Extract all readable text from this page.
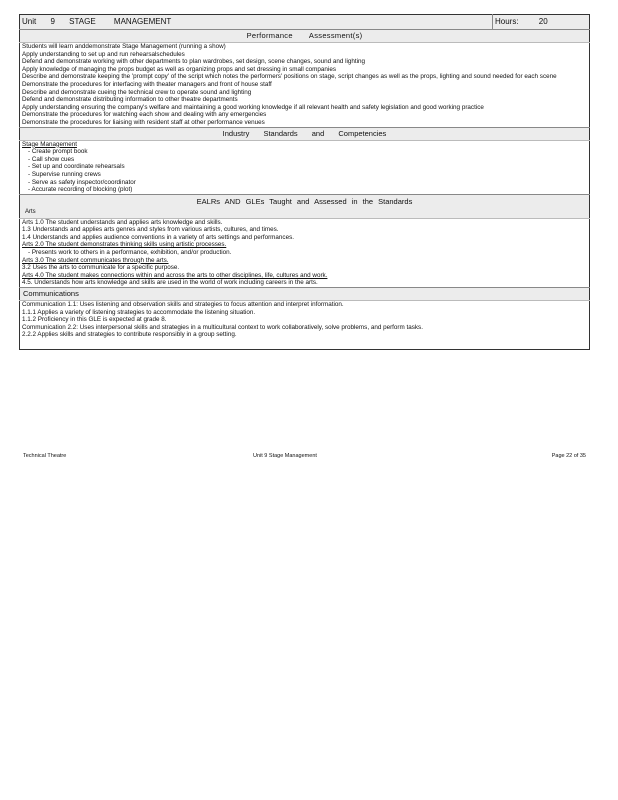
Unit 9 STAGE MANAGEMENT	Hours:	20
Performance Assessment(s)

Students will learn anddemonstrate Stage Management (running a show)
Apply understanding to set up and run rehearsalschedules
Defend and demonstrate working with other departments to plan wardrobes, set design, scene changes, sound and lighting
Apply knowledge of managing the props budget as well as organizing props and set dressing in small companies
Describe and demonstrate keeping the 'prompt copy' of the script which notes the performers' positions on stage, script changes as well as the props, lighting and sound needed for each scene
Demonstrate the procedures for interfacing with theater managers and front of house staff
Describe and demonstrate cueing the technical crew to operate sound and lighting
Defend and demonstrate distributing information to other theatre departments
Apply understanding ensuring the company's welfare and maintaining a good working knowledge if all relevant health and safety legislation and good working practice
Demonstrate the procedures for watching each show and dealing with any emergencies
Demonstrate the procedures for liaising with resident staff at other performance venues

Industry Standards and Competencies

Stage Management
- Create prompt book
- Call show cues
- Set up and coordinate rehearsals
- Supervise running crews
- Serve as safety inspector/coordinator
- Accurate recording of blocking (plot)

EALRs AND GLEs Taught and Assessed in the Standards
Arts

Arts 1.0 The student understands and applies arts knowledge and skills.
1.3 Understands and applies arts genres and styles from various artists, cultures, and times.
1.4 Understands and applies audience conventions in a variety of arts settings and performances.
Arts 2.0 The student demonstrates thinking skills using artistic processes.
- Presents work to others in a performance, exhibition, and/or production.
Arts 3.0 The student communicates through the arts.
3.2 Uses the arts to communicate for a specific purpose.
Arts 4.0 The student makes connections within and across the arts to other disciplines, life, cultures and work.
4.5. Understands how arts knowledge and skills are used in the world of work including careers in the arts.

Communications

Communication 1.1: Uses listening and observation skills and strategies to focus attention and interpret information.
1.1.1 Applies a variety of listening strategies to accommodate the listening situation.
1.1.2 Proficiency in this GLE is expected at grade 8.
Communication 2.2: Uses interpersonal skills and strategies in a multicultural context to work collaboratively, solve problems, and perform tasks.
2.2.2 Applies skills and strategies to contribute responsibly in a group setting.
Technical Theatre	Unit 9 Stage Management	Page 22 of 35
